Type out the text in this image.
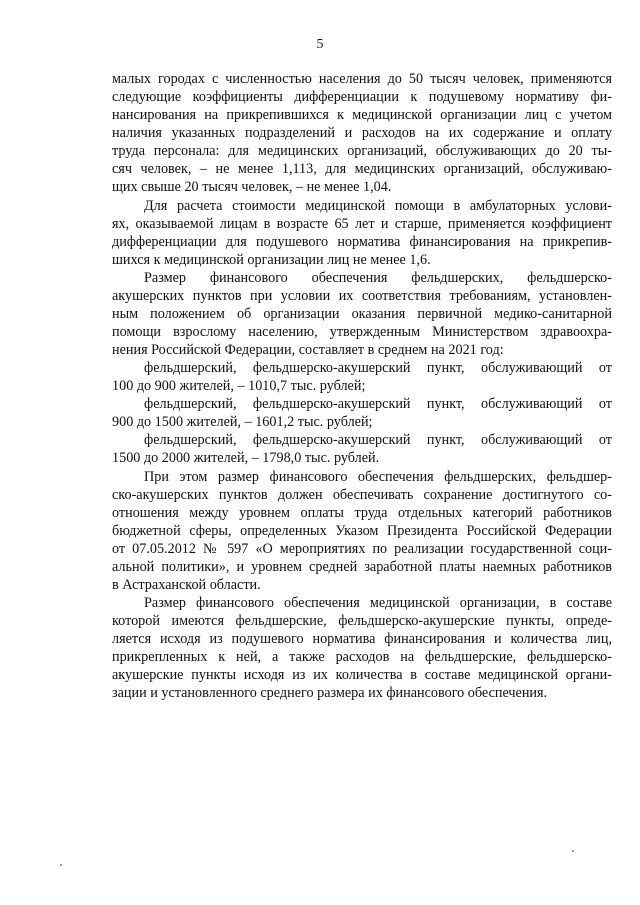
5
малых городах с численностью населения до 50 тысяч человек, применяются
следующие коэффициенты дифференциации к подушевому нормативу фи-
нансирования на прикрепившихся к медицинской организации лиц с учетом
наличия указанных подразделений и расходов на их содержание и оплату
труда персонала: для медицинских организаций, обслуживающих до 20 ты-
сяч человек, – не менее 1,113, для медицинских организаций, обслуживаю-
щих свыше 20 тысяч человек, – не менее 1,04.
Для расчета стоимости медицинской помощи в амбулаторных услови-
ях, оказываемой лицам в возрасте 65 лет и старше, применяется коэффициент
дифференциации для подушевого норматива финансирования на прикрепив-
шихся к медицинской организации лиц не менее 1,6.
Размер финансового обеспечения фельдшерских, фельдшерско-
акушерских пунктов при условии их соответствия требованиям, установлен-
ным положением об организации оказания первичной медико-санитарной
помощи взрослому населению, утвержденным Министерством здравоохра-
нения Российской Федерации, составляет в среднем на 2021 год:
фельдшерский, фельдшерско-акушерский пункт, обслуживающий от
100 до 900 жителей, – 1010,7 тыс. рублей;
фельдшерский, фельдшерско-акушерский пункт, обслуживающий от
900 до 1500 жителей, – 1601,2 тыс. рублей;
фельдшерский, фельдшерско-акушерский пункт, обслуживающий от
1500 до 2000 жителей, – 1798,0 тыс. рублей.
При этом размер финансового обеспечения фельдшерских, фельдшер-
ско-акушерских пунктов должен обеспечивать сохранение достигнутого со-
отношения между уровнем оплаты труда отдельных категорий работников
бюджетной сферы, определенных Указом Президента Российской Федерации
от 07.05.2012 № 597 «О мероприятиях по реализации государственной соци-
альной политики», и уровнем средней заработной платы наемных работников
в Астраханской области.
Размер финансового обеспечения медицинской организации, в составе
которой имеются фельдшерские, фельдшерско-акушерские пункты, опреде-
ляется исходя из подушевого норматива финансирования и количества лиц,
прикрепленных к ней, а также расходов на фельдшерские, фельдшерско-
акушерские пункты исходя из их количества в составе медицинской органи-
зации и установленного среднего размера их финансового обеспечения.
